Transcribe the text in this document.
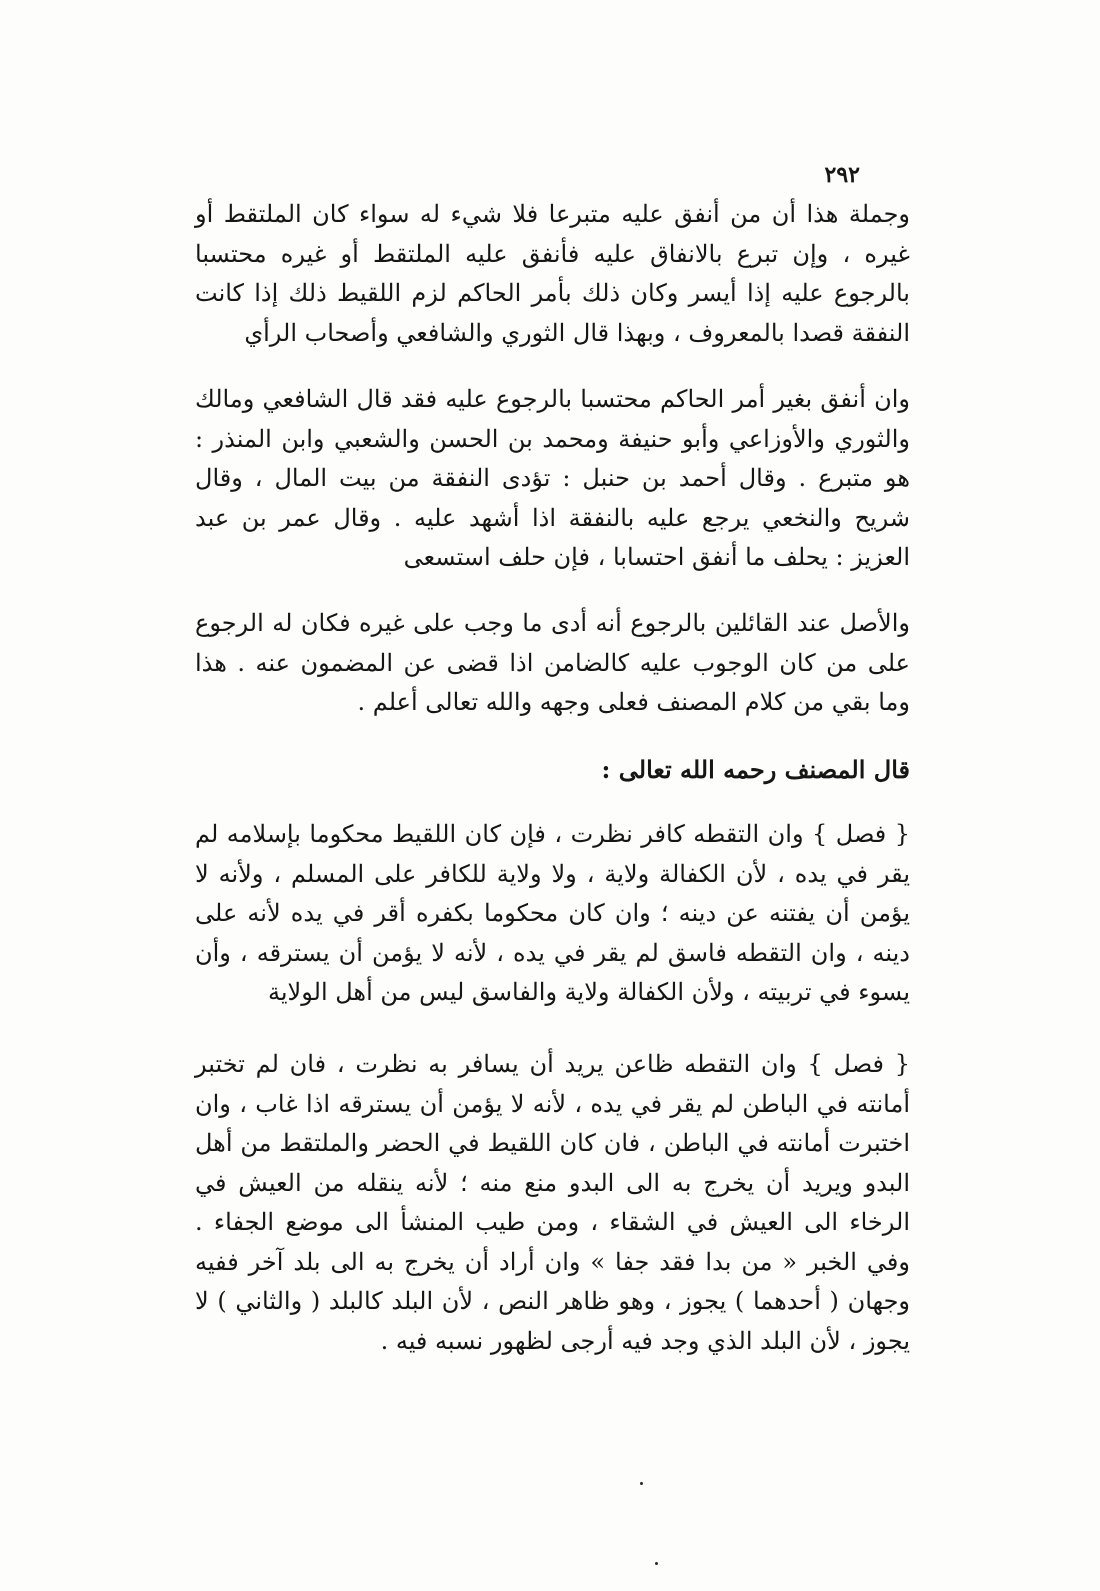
٢٩٢

وجملة هذا أن من أنفق عليه متبرعا فلا شيء له سواء كان الملتقط أو غيره ، وإن تبرع بالانفاق عليه فأنفق عليه الملتقط أو غيره محتسبا بالرجوع عليه إذا أيسر وكان ذلك بأمر الحاكم لزم اللقيط ذلك إذا كانت النفقة قصدا بالمعروف ، وبهذا قال الثوري والشافعي وأصحاب الرأي

وان أنفق بغير أمر الحاكم محتسبا بالرجوع عليه فقد قال الشافعي ومالك والثوري والأوزاعي وأبو حنيفة ومحمد بن الحسن والشعبي وابن المنذر : هو متبرع . وقال أحمد بن حنبل : تؤدى النفقة من بيت المال ، وقال شريح والنخعي يرجع عليه بالنفقة اذا أشهد عليه . وقال عمر بن عبد العزيز : يحلف ما أنفق احتسابا ، فإن حلف استسعى

والأصل عند القائلين بالرجوع أنه أدى ما وجب على غيره فكان له الرجوع على من كان الوجوب عليه كالضامن اذا قضى عن المضمون عنه . هذا وما بقي من كلام المصنف فعلى وجهه والله تعالى أعلم .

قال المصنف رحمه الله تعالى :

{ فصل } وان التقطه كافر نظرت ، فإن كان اللقيط محكوما بإسلامه لم يقر في يده ، لأن الكفالة ولاية ، ولا ولاية للكافر على المسلم ، ولأنه لا يؤمن أن يفتنه عن دينه ؛ وان كان محكوما بكفره أقر في يده لأنه على دينه ، وان التقطه فاسق لم يقر في يده ، لأنه لا يؤمن أن يسترقه ، وأن يسوء في تربيته ، ولأن الكفالة ولاية والفاسق ليس من أهل الولاية

{ فصل } وان التقطه ظاعن يريد أن يسافر به نظرت ، فان لم تختبر أمانته في الباطن لم يقر في يده ، لأنه لا يؤمن أن يسترقه اذا غاب ، وان اختبرت أمانته في الباطن ، فان كان اللقيط في الحضر والملتقط من أهل البدو ويريد أن يخرج به الى البدو منع منه ؛ لأنه ينقله من العيش في الرخاء الى العيش في الشقاء ، ومن طيب المنشأ الى موضع الجفاء . وفي الخبر « من بدا فقد جفا » وان أراد أن يخرج به الى بلد آخر ففيه وجهان ( أحدهما ) يجوز ، وهو ظاهر النص ، لأن البلد كالبلد ( والثاني ) لا يجوز ، لأن البلد الذي وجد فيه أرجى لظهور نسبه فيه .
